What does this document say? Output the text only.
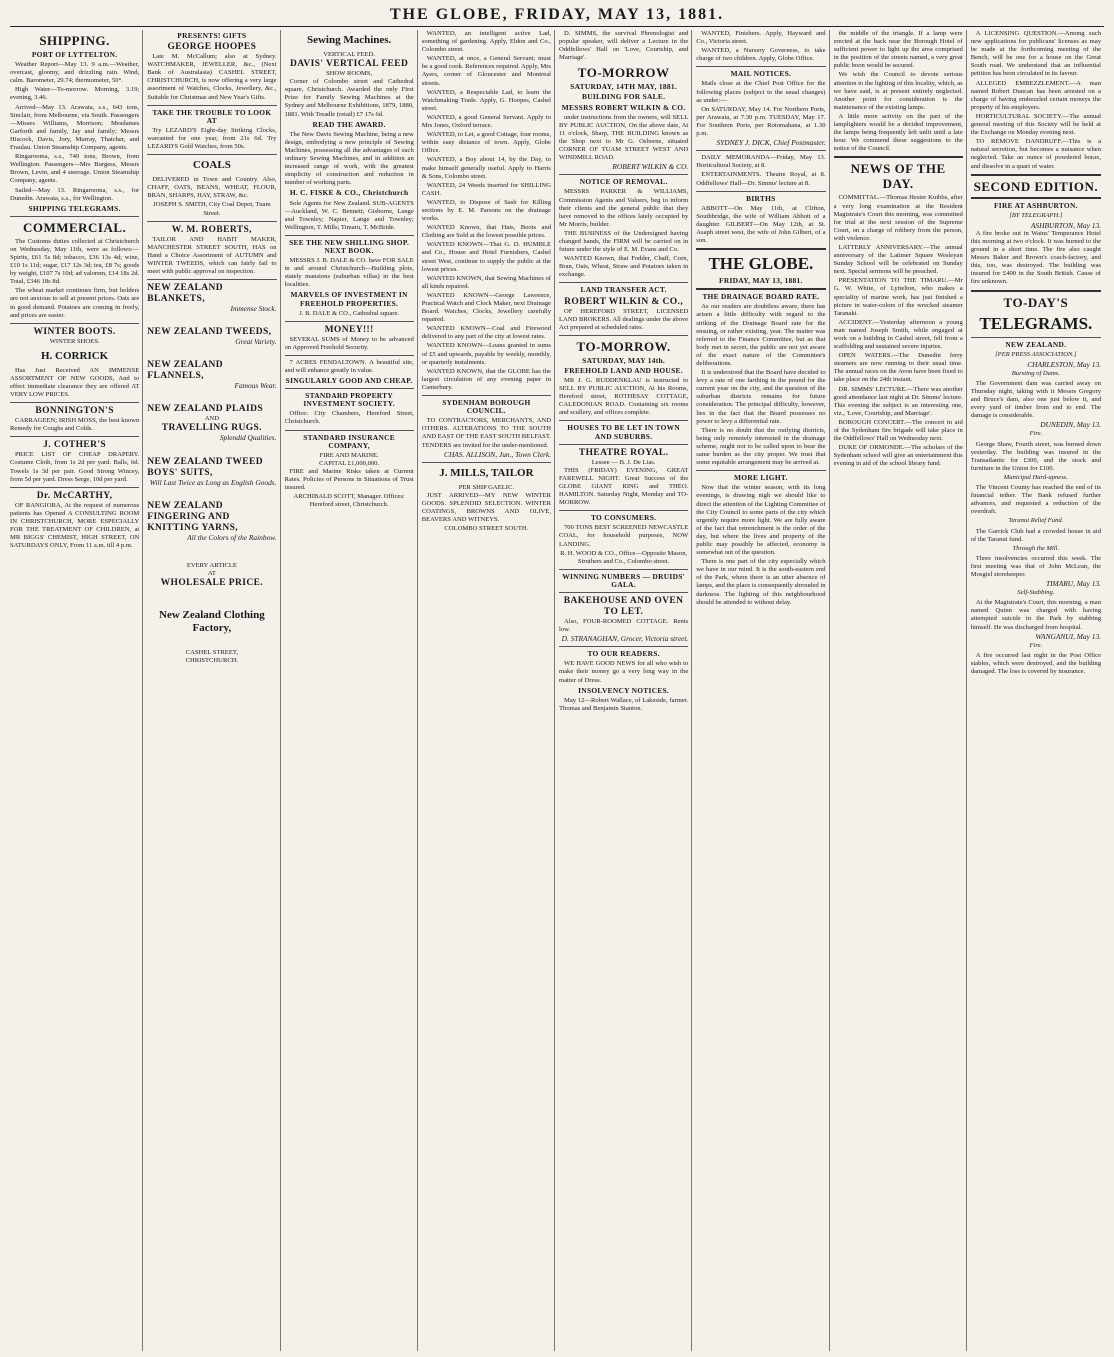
THE GLOBE, FRIDAY, MAY 13, 1881.
SHIPPING.
PORT OF LYTTELTON.

Weather Report—May 13. 9 a.m.—Weather, overcast, gloomy, and drizzling rain. Wind, calm. Barometer, 29.74; thermometer, 50°.

High Water—To-morrow. Morning, 3.19; evening, 3.46.

Arrived—May 13. Arawata, s.s., 643 tons, Sinclair, from Melbourne, via South. Passengers—Misses Williams, Morrison; Mesdames Garforth and family, Jay and family; Messrs Hiscock, Davis, Jory, Murray, Thatcher, and Fraulau. Union Steamship Company, agents.

Ringarooma, s.s., 749 tons, Brown, from Wellington. Passengers—Mrs Burgess, Messrs Brown, Levin, and 4 steerage. Union Steamship Company, agents.

Sailed—May 13. Ringarooma, s.s., for Dunedin. Arawata, s.s., for Wellington.

SHIPPING TELEGRAMS.
COMMERCIAL.

The Customs duties collected at Christchurch on Wednesday, May 11th, were as follows:—Spirits, £61 5s 8d; tobacco, £36 13s 4d; wine, £10 1s 11d; sugar, £17 12s 3d; tea, £8 7s; goods by weight, £107 7s 10d; ad valorem, £14 18s 2d. Total, £346 18s 8d.

The wheat market continues firm, but holders are not anxious to sell at present prices. Oats are in good demand. Potatoes are coming in freely, and prices are easier.

WINTER BOOTS.
WINTER SHOES.
H. CORRICK

Has Just Received AN IMMENSE ASSORTMENT OF NEW GOODS, And to effect immediate clearance they are offered AT VERY LOW PRICES.

BONNINGTON'S

CARRAGEEN; IRISH MOSS, the best known Remedy for Coughs and Colds.

J. COTHER'S

PRICE LIST OF CHEAP DRAPERY. Costume Cloth, from 1s 2d per yard. Balls, 6d. Towels 1s 3d per pair. Good Strong Wincey, from 5d per yard. Dress Serge, 10d per yard.

Dr. McCARTHY,

OF RANGIORA, At the request of numerous patients has Opened A CONSULTING ROOM IN CHRISTCHURCH, MORE ESPECIALLY FOR THE TREATMENT OF CHILDREN, at MR BIGGS' CHEMIST, HIGH STREET, ON SATURDAYS ONLY, From 11 a.m. till 4 p.m.

PRESENTS! GIFTS
GEORGE HOOPES

Late M. McCallum; also at Sydney. WATCHMAKER, JEWELLER, &c., (Next Bank of Australasia) CASHEL STREET, CHRISTCHURCH, is now offering a very large assortment of Watches, Clocks, Jewellery, &c., Suitable for Christmas and New Year's Gifts.

TAKE THE TROUBLE TO LOOK AT

Try LEZARD'S Eight-day Striking Clocks, warranted for one year, from 21s 6d. Try LEZARD'S Gold Watches, from 50s.

COALS

DELIVERED in Town and Country. Also, CHAFF, OATS, BEANS, WHEAT, FLOUR, BRAN, SHARPS, HAY, STRAW, &c.

JOSEPH S. SMITH, City Coal Depot, Tuam Street.
W. M. ROBERTS,

TAILOR AND HABIT MAKER, MANCHESTER STREET SOUTH, HAS on Hand a Choice Assortment of AUTUMN and WINTER TWEEDS, which can fairly fail to meet with public approval on inspection.

NEW ZEALAND BLANKETS,
Immense Stock.
NEW ZEALAND TWEEDS,
Great Variety.
NEW ZEALAND FLANNELS,
Famous Wear.
NEW ZEALAND PLAIDS
AND
TRAVELLING RUGS.
Splendid Qualities.
NEW ZEALAND TWEED BOYS' SUITS,
Will Last Twice as Long as English Goods.
NEW ZEALAND FINGERING AND KNITTING YARNS,
All the Colors of the Rainbow.
EVERY ARTICLE
AT
WHOLESALE PRICE.
New Zealand Clothing Factory,
CASHEL STREET,
CHRISTCHURCH.
Sewing Machines.
VERTICAL FEED.
DAVIS' VERTICAL FEED
SHOW ROOMS,

Corner of Colombo street and Cathedral square, Christchurch. Awarded the only First Prize for Family Sewing Machines at the Sydney and Melbourne Exhibitions, 1879, 1880, 1881. With Treadle (retail) £7 17s 6d.

READ THE AWARD.

The New Davis Sewing Machine, being a new design, embodying a new principle of Sewing Machines, possessing all the advantages of such ordinary Sewing Machines, and in addition an increased range of work, with the greatest simplicity of construction and reduction in number of working parts.

H. C. FISKE & CO., Christchurch

Sole Agents for New Zealand. SUB-AGENTS—Auckland, W. C. Bennett; Gisborne, Lange and Townley; Napier, Lange and Townley; Wellington, T. Mills; Timaru, T. McBride.

SEE THE NEW SHILLING SHOP. NEXT BOOK.

MESSRS J. B. DALE & CO. have FOR SALE in and around Christchurch—Building plots, stately mansions (suburban villas) in the best localities.

MARVELS OF INVESTMENT IN FREEHOLD PROPERTIES.
J. B. DALE & CO., Cathedral square.
MONEY!!!

SEVERAL SUMS of Money to be advanced on Approved Freehold Security.

7 ACRES FENDALTOWN. A beautiful site, and will enhance greatly in value.

SINGULARLY GOOD AND CHEAP.
STANDARD PROPERTY INVESTMENT SOCIETY.

Office: City Chambers, Hereford Street, Christchurch.

STANDARD INSURANCE COMPANY,
FIRE AND MARINE.
CAPITAL £1,000,000.

FIRE and Marine Risks taken at Current Rates. Policies of Persons in Situations of Trust insured.

ARCHIBALD SCOTT, Manager. Offices: Hereford street, Christchurch.

WANTED, an intelligent active Lad, something of gardening. Apply, Eldon and Co., Colombo street.

WANTED, at once, a General Servant; must be a good cook. References required. Apply, Mrs Ayers, corner of Gloucester and Montreal streets.

WANTED, a Respectable Lad, to learn the Watchmaking Trade. Apply, G. Hoopes, Cashel street.

WANTED, a good General Servant. Apply to Mrs Jones, Oxford terrace.

WANTED, to Let, a good Cottage, four rooms, within easy distance of town. Apply, Globe Office.

WANTED, a Boy about 14, by the Day, to make himself generally useful. Apply to Harris & Sons, Colombo street.

WANTED, 24 Weeds inserted for SHILLING CASH.

WANTED, to Dispose of Sash for Killing sections by E. M. Parsons on the drainage works.

WANTED Known, that Hats, Boots and Clothing are Sold at the lowest possible prices.

WANTED KNOWN—That G. D. HUMBLE and Co., House and Hotel Furnishers, Cashel street West, continue to supply the public at the lowest prices.

WANTED KNOWN, that Sewing Machines of all kinds repaired.

WANTED KNOWN—George Lawrence, Practical Watch and Clock Maker, next Drainage Board. Watches, Clocks, Jewellery carefully repaired.

WANTED KNOWN—Coal and Firewood delivered to any part of the city at lowest rates.

WANTED KNOWN—Loans granted in sums of £5 and upwards, payable by weekly, monthly, or quarterly instalments.

WANTED KNOWN, that the GLOBE has the largest circulation of any evening paper in Canterbury.

SYDENHAM BOROUGH COUNCIL.

TO CONTRACTORS, MERCHANTS, AND OTHERS. ALTERATIONS TO THE SOUTH AND EAST OF THE EAST SOUTH BELFAST. TENDERS are invited for the under-mentioned.

CHAS. ALLISON, Jun., Town Clerk.
J. MILLS, TAILOR
PER SHIP GAELIC.

JUST ARRIVED—MY NEW WINTER GOODS. SPLENDID SELECTION. WINTER COATINGS, BROWNS AND OLIVE, BEAVERS AND WITNEYS.

COLOMBO STREET SOUTH.

D. SIMMS, the survival Phrenologist and popular speaker, will deliver a Lecture in the Oddfellows' Hall on 'Love, Courtship, and Marriage'.

TO-MORROW
SATURDAY, 14TH MAY, 1881.
BUILDING FOR SALE.
MESSRS ROBERT WILKIN & CO.

under instructions from the owners, will SELL BY PUBLIC AUCTION, On the above date, At 11 o'clock, Sharp, THE BUILDING known as the Shop next to Mr G. Osborne, situated CORNER OF TUAM STREET WEST AND WINDMILL ROAD.

ROBERT WILKIN & CO.
NOTICE OF REMOVAL.

MESSRS PARKER & WILLIAMS, Commission Agents and Valuers, beg to inform their clients and the general public that they have removed to the offices lately occupied by Mr Morris, builder.

THE BUSINESS of the Undersigned having changed hands, the FIRM will be carried on in future under the style of E. M. Evans and Co.

WANTED Known, that Fodder, Chaff, Corn, Bran, Oats, Wheat, Straw and Potatoes taken in exchange.

LAND TRANSFER ACT.
ROBERT WILKIN & CO.,

OF HEREFORD STREET, LICENSED LAND BROKERS. All dealings under the above Act prepared at scheduled rates.

TO-MORROW.
SATURDAY, MAY 14th.
FREEHOLD LAND AND HOUSE.

MR J. G. RUDDENKLAU is instructed to SELL BY PUBLIC AUCTION, At his Rooms, Hereford street, ROTHESAY COTTAGE, CALEDONIAN ROAD. Containing six rooms and scullery, and offices complete.

HOUSES TO BE LET IN TOWN AND SUBURBS.
THEATRE ROYAL.
Lessee — B. J. De Lias.

THIS (FRIDAY) EVENING, GREAT FAREWELL NIGHT. Great Success of the GLOBE GIANT RING and THEO. HAMILTON. Saturday Night, Monday and TO-MORROW.

TO CONSUMERS.

700 TONS BEST SCREENED NEWCASTLE COAL, for household purposes, NOW LANDING.

R. H. WOOD & CO., Office—Opposite Mason, Struthers and Co., Colombo street.
WINNING NUMBERS — DRUIDS' GALA.
BAKEHOUSE AND OVEN TO LET.

Also, FOUR-ROOMED COTTAGE. Rents low.

D. STRANAGHAN, Grocer, Victoria street.
TO OUR READERS.

WE HAVE GOOD NEWS for all who wish to make their money go a very long way in the matter of Dress.

INSOLVENCY NOTICES.

May 12—Robert Wallace, of Lakeside, farmer. Thomas and Benjamin Stanton.

WANTED, Finishers. Apply, Hayward and Co., Victoria street.

WANTED, a Nursery Governess, to take charge of two children. Apply, Globe Office.

MAIL NOTICES.

Mails close at the Chief Post Office for the following places (subject to the usual changes) as under:—

On SATURDAY, May 14. For Northern Ports, per Arawata, at 7.30 p.m. TUESDAY, May 17. For Southern Ports, per Rotomahana, at 1.30 p.m.

SYDNEY J. DICK, Chief Postmaster.

DAILY MEMORANDA—Friday, May 13. Horticultural Society, at 8.

ENTERTAINMENTS. Theatre Royal, at 8. Oddfellows' Hall—Dr. Simms' lecture at 8.

BIRTHS

ABBOTT—On May 11th, at Clifton, Southbridge, the wife of William Abbott of a daughter. GILBERT—On May 12th, at St. Asaph street west, the wife of John Gilbert, of a son.

THE GLOBE.
FRIDAY, MAY 13, 1881.
THE DRAINAGE BOARD RATE.

As our readers are doubtless aware, there has arisen a little difficulty with regard to the striking of the Drainage Board rate for the ensuing, or rather existing, year. The matter was referred to the Finance Committee, but as that body met in secret, the public are not yet aware of the exact nature of the Committee's deliberations.

It is understood that the Board have decided to levy a rate of one farthing in the pound for the current year on the city, and the question of the suburban districts remains for future consideration. The principal difficulty, however, lies in the fact that the Board possesses no power to levy a differential rate.

There is no doubt that the outlying districts, being only remotely interested in the drainage scheme, ought not to be called upon to bear the same burden as the city proper. We trust that some equitable arrangement may be arrived at.

MORE LIGHT.

Now that the winter season, with its long evenings, is drawing nigh we should like to direct the attention of the Lighting Committee of the City Council to some parts of the city which urgently require more light. We are fully aware of the fact that retrenchment is the order of the day, but where the lives and property of the public may possibly be affected, economy is somewhat out of the question.

There is one part of the city especially which we have in our mind. It is the south-eastern end of the Park, where there is an utter absence of lamps, and the place is consequently shrouded in darkness. The lighting of this neighbourhood should be attended to without delay.

the middle of the triangle. If a lamp were erected at the back near the Borough Hotel of sufficient power to light up the area comprised in the position of the streets named, a very great public boon would be secured.

We wish the Council to devote serious attention to the lighting of this locality, which, as we have said, is at present entirely neglected. Another point for consideration is the maintenance of the existing lamps.

A little more activity on the part of the lamplighters would be a decided improvement, the lamps being frequently left unlit until a late hour. We commend these suggestions to the notice of the Council.

NEWS OF THE DAY.

COMMITTAL.—Thomas Hester Kuibbs, after a very long examination at the Resident Magistrate's Court this morning, was committed for trial at the next session of the Supreme Court, on a charge of robbery from the person, with violence.

LATTERLY ANNIVERSARY.—The annual anniversary of the Latimer Square Wesleyan Sunday School will be celebrated on Sunday next. Special sermons will be preached.

PRESENTATION TO THE TIMARU.—Mr G. W. White, of Lyttelton, who makes a speciality of marine work, has just finished a picture in water-colors of the wrecked steamer Taranaki.

ACCIDENT.—Yesterday afternoon a young man named Joseph Smith, while engaged at work on a building in Cashel street, fell from a scaffolding and sustained severe injuries.

OPEN WATERS.—The Dunedin ferry steamers are now running to their usual time. The annual races on the Avon have been fixed to take place on the 24th instant.

DR. SIMMS' LECTURE.—There was another good attendance last night at Dr. Simms' lecture. This evening the subject is an interesting one, viz., 'Love, Courtship, and Marriage'.

BOROUGH CONCERT.—The concert in aid of the Sydenham fire brigade will take place in the Oddfellows' Hall on Wednesday next.

DUKE OF ORMONDE.—The scholars of the Sydenham school will give an entertainment this evening in aid of the school library fund.

A LICENSING QUESTION.—Among such new applications for publicans' licenses as may be made at the forthcoming meeting of the Bench, will be one for a house on the Great South road. We understand that an influential petition has been circulated in its favour.

ALLEGED EMBEZZLEMENT.—A man named Robert Duncan has been arrested on a charge of having embezzled certain moneys the property of his employers.

HORTICULTURAL SOCIETY.—The annual general meeting of this Society will be held at the Exchange on Monday evening next.

TO REMOVE DANDRUFF.—This is a natural secretion, but becomes a nuisance when neglected. Take an ounce of powdered borax, and dissolve in a quart of water.

SECOND EDITION.
FIRE AT ASHBURTON.
[BY TELEGRAPH.]
ASHBURTON, May 13.

A fire broke out in Wains' Temperance Hotel this morning at two o'clock. It was burned to the ground in a short time. The fire also caught Messrs Baker and Brown's coach-factory, and this, too, was destroyed. The building was insured for £400 in the South British. Cause of fire unknown.

TO-DAY'S
TELEGRAMS.
NEW ZEALAND.
[PER PRESS ASSOCIATION.]
CHARLESTON, May 13.
Bursting of Dams.

The Government dam was carried away on Thursday night, taking with it Messrs Gregory and Bruce's dam, also one just below it, and every yard of timber from end to end. The damage is considerable.

DUNEDIN, May 13.
Fire.

George Shaw, Fourth street, was burned down yesterday. The building was insured in the Transatlantic for £300, and the stock and furniture in the Union for £100.

Municipal Hard-upness.

The Vincent County has reached the end of its financial tether. The Bank refused further advances, and requested a reduction of the overdraft.

Taranui Relief Fund.

The Garrick Club had a crowded house in aid of the Taranui fund.

Through the Mill.

Three insolvencies occurred this week. The first meeting was that of John McLean, the Mosgiel storekeeper.

TIMARU, May 13.
Self-Stabbing.

At the Magistrate's Court, this morning, a man named Quinn was charged with having attempted suicide in the Park by stabbing himself. He was discharged from hospital.

WANGANUI, May 13.
Fire.

A fire occurred last night in the Post Office stables, which were destroyed, and the building damaged. The loss is covered by insurance.
